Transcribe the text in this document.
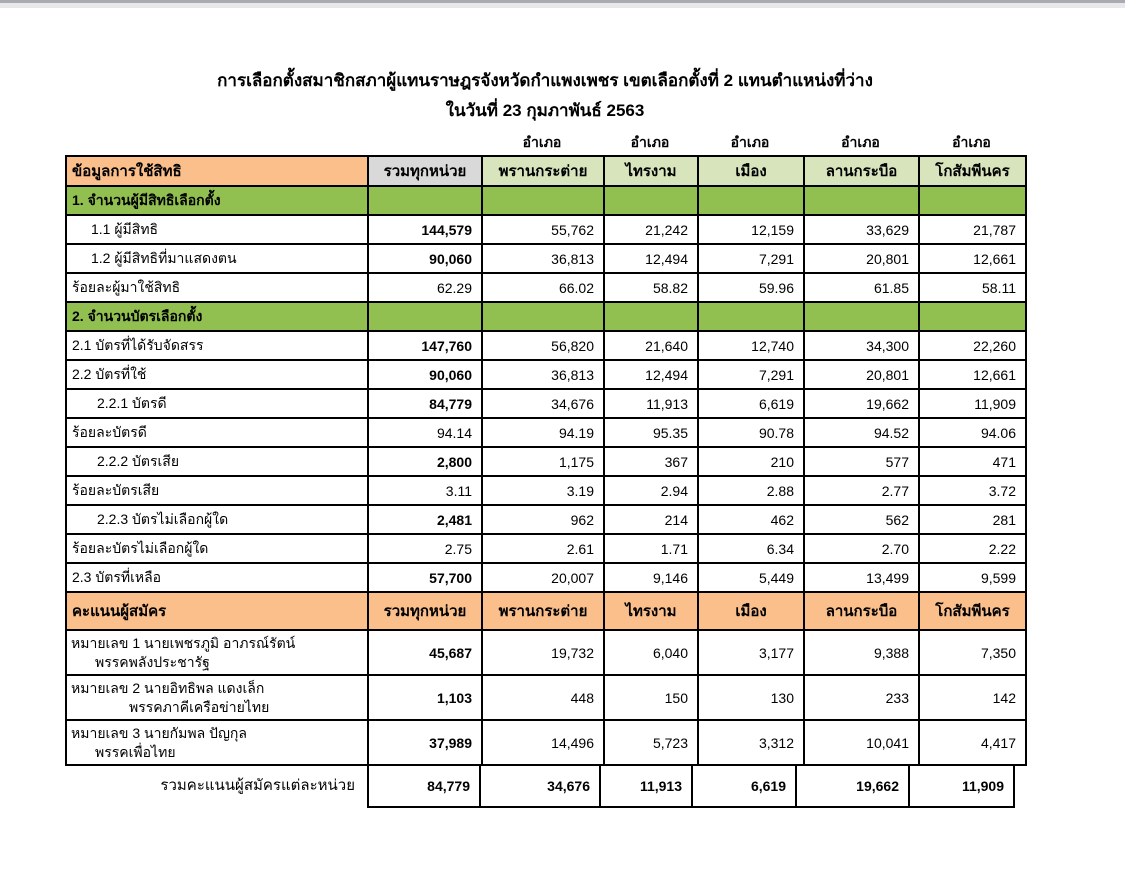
การเลือกตั้งสมาชิกสภาผู้แทนราษฎรจังหวัดกำแพงเพชร เขตเลือกตั้งที่ 2 แทนตำแหน่งที่ว่าง
ในวันที่ 23 กุมภาพันธ์ 2563
อำเภอ	อำเภอ	อำเภอ	อำเภอ	อำเภอ
ข้อมูลการใช้สิทธิ	รวมทุกหน่วย	พรานกระต่าย	ไทรงาม	เมือง	ลานกระบือ	โกสัมพีนคร
1. จำนวนผู้มีสิทธิเลือกตั้ง						
1.1 ผู้มีสิทธิ	144,579	55,762	21,242	12,159	33,629	21,787
1.2 ผู้มีสิทธิที่มาแสดงตน	90,060	36,813	12,494	7,291	20,801	12,661
ร้อยละผู้มาใช้สิทธิ	62.29	66.02	58.82	59.96	61.85	58.11
2. จำนวนบัตรเลือกตั้ง						
2.1 บัตรที่ได้รับจัดสรร	147,760	56,820	21,640	12,740	34,300	22,260
2.2 บัตรที่ใช้	90,060	36,813	12,494	7,291	20,801	12,661
2.2.1 บัตรดี	84,779	34,676	11,913	6,619	19,662	11,909
ร้อยละบัตรดี	94.14	94.19	95.35	90.78	94.52	94.06
2.2.2 บัตรเสีย	2,800	1,175	367	210	577	471
ร้อยละบัตรเสีย	3.11	3.19	2.94	2.88	2.77	3.72
2.2.3 บัตรไม่เลือกผู้ใด	2,481	962	214	462	562	281
ร้อยละบัตรไม่เลือกผู้ใด	2.75	2.61	1.71	6.34	2.70	2.22
2.3 บัตรที่เหลือ	57,700	20,007	9,146	5,449	13,499	9,599
คะแนนผู้สมัคร	รวมทุกหน่วย	พรานกระต่าย	ไทรงาม	เมือง	ลานกระบือ	โกสัมพีนคร

หมายเลข 1 นายเพชรภูมิ อาภรณ์รัตน์
พรรคพลังประชารัฐ	45,687	19,732	6,040	3,177	9,388	7,350

หมายเลข 2 นายอิทธิพล แดงเล็ก
พรรคภาคีเครือข่ายไทย	1,103	448	150	130	233	142

หมายเลข 3 นายกัมพล ปัญกุล
พรรคเพื่อไทย	37,989	14,496	5,723	3,312	10,041	4,417
รวมคะแนนผู้สมัครแต่ละหน่วย	84,779	34,676	11,913	6,619	19,662	11,909
